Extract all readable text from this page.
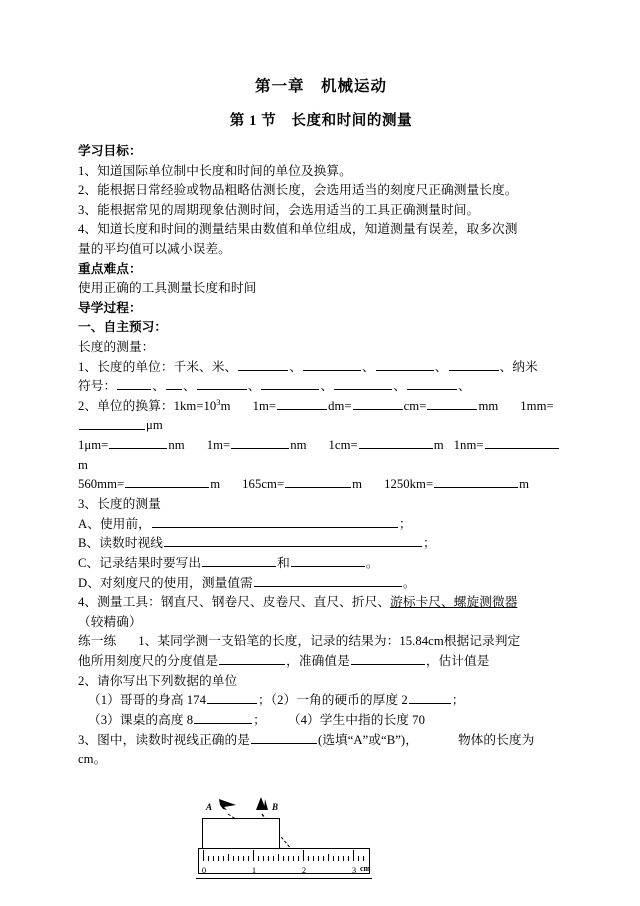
第一章　机械运动
第 1 节　长度和时间的测量

学习目标：

1、知道国际单位制中长度和时间的单位及换算。

2、能根据日常经验或物品粗略估测长度，会选用适当的刻度尺正确测量长度。

3、能根据常见的周期现象估测时间，会选用适当的工具正确测量时间。

4、知道长度和时间的测量结果由数值和单位组成，知道测量有误差，取多次测

量的平均值可以减小误差。

重点难点：

使用正确的工具测量长度和时间

导学过程：

一、自主预习：

长度的测量：

1、长度的单位：千米、米、	、	、	、	、纳米

符号：	、 、	、	、	、	、

2、单位的换算：$1km=10^3m$ 1m=	dm=	cm=	mm 1mm=μm

1μm=	nm 1m=	nm 1cm=	m 1nm=m

560mm=	m 165cm=	m 1250km=	m

3、长度的测量

A、使用前，	；

B、读数时视线	；

C、记录结果时要写出	和	。

D、对刻度尺的使用，测量值需	。

4、测量工具：钢直尺、钢卷尺、皮卷尺、直尺、折尺、游标卡尺、螺旋测微器

（较精确）

练一练 1、某同学测一支铅笔的长度，记录的结果为：15.84cm根据记录判定

他所用刻度尺的分度值是	，准确值是	，估计值是

2、请你写出下列数据的单位

（1）哥哥的身高 174	；（2）一角的硬币的厚度 2	；

（3）课桌的高度 8	； （4）学生中指的长度 70

3、图中，读数时视线正确的是	(选填“A”或“B”)，	物体的长度为

cm。

A	B
0	1	2	3 cm
